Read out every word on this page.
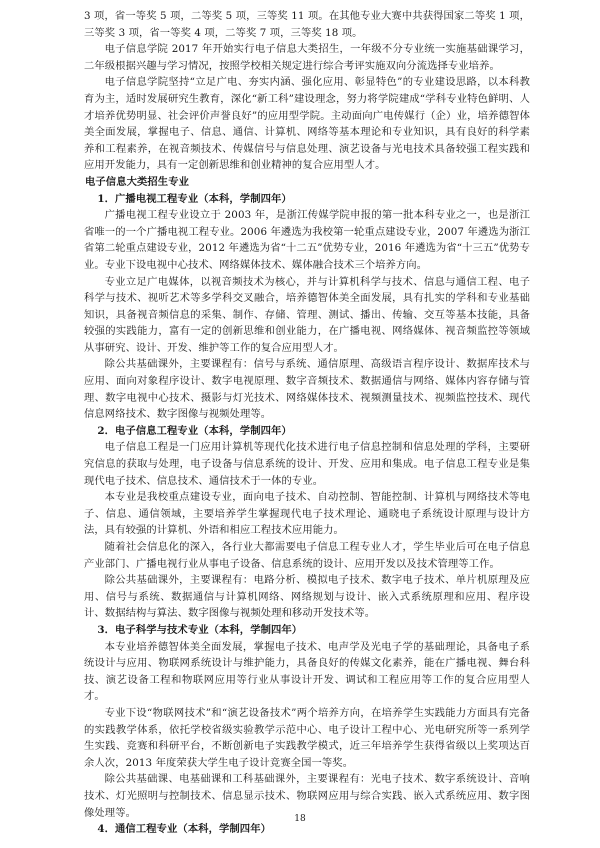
3 项，省一等奖 5 项，二等奖 5 项，三等奖 11 项。在其他专业大赛中共获得国家二等奖 1 项，三等奖 3 项，省一等奖 4 项，二等奖 7 项，三等奖 18 项。

电子信息学院 2017 年开始实行电子信息大类招生，一年级不分专业统一实施基础课学习，二年级根据兴趣与学习情况，按照学校相关规定进行综合考评实施双向分流选择专业培养。

电子信息学院坚持“立足广电、夯实内涵、强化应用、彰显特色”的专业建设思路，以本科教育为主，适时发展研究生教育，深化“新工科”建设理念，努力将学院建成“学科专业特色鲜明、人才培养优势明显、社会评价声誉良好”的应用型学院。主动面向广电传媒行（企）业，培养德智体美全面发展，掌握电子、信息、通信、计算机、网络等基本理论和专业知识，具有良好的科学素养和工程素养，在视音频技术、传媒信号与信息处理、演艺设备与光电技术具备较强工程实践和应用开发能力，具有一定创新思维和创业精神的复合应用型人才。

电子信息大类招生专业

1．广播电视工程专业（本科，学制四年）

广播电视工程专业设立于 2003 年，是浙江传媒学院申报的第一批本科专业之一，也是浙江省唯一的一个广播电视工程专业。2006 年遴选为我校第一轮重点建设专业，2007 年遴选为浙江省第二轮重点建设专业，2012 年遴选为省“十二五”优势专业，2016 年遴选为省“十三五”优势专业。专业下设电视中心技术、网络媒体技术、媒体融合技术三个培养方向。

专业立足广电媒体，以视音频技术为核心，并与计算机科学与技术、信息与通信工程、电子科学与技术、视听艺术等多学科交叉融合，培养德智体美全面发展，具有扎实的学科和专业基础知识，具备视音频信息的采集、制作、存储、管理、测试、播出、传输、交互等基本技能，具备较强的实践能力，富有一定的创新思维和创业能力，在广播电视、网络媒体、视音频监控等领域从事研究、设计、开发、维护等工作的复合应用型人才。

除公共基础课外，主要课程有：信号与系统、通信原理、高级语言程序设计、数据库技术与应用、面向对象程序设计、数字电视原理、数字音频技术、数据通信与网络、媒体内容存储与管理、数字电视中心技术、摄影与灯光技术、网络媒体技术、视频测量技术、视频监控技术、现代信息网络技术、数字图像与视频处理等。

2．电子信息工程专业（本科，学制四年）

电子信息工程是一门应用计算机等现代化技术进行电子信息控制和信息处理的学科，主要研究信息的获取与处理，电子设备与信息系统的设计、开发、应用和集成。电子信息工程专业是集现代电子技术、信息技术、通信技术于一体的专业。

本专业是我校重点建设专业，面向电子技术、自动控制、智能控制、计算机与网络技术等电子、信息、通信领域，主要培养学生掌握现代电子技术理论、通晓电子系统设计原理与设计方法，具有较强的计算机、外语和相应工程技术应用能力。

随着社会信息化的深入，各行业大都需要电子信息工程专业人才，学生毕业后可在电子信息产业部门、广播电视行业从事电子设备、信息系统的设计、应用开发以及技术管理等工作。

除公共基础课外，主要课程有：电路分析、模拟电子技术、数字电子技术、单片机原理及应用、信号与系统、数据通信与计算机网络、网络规划与设计、嵌入式系统原理和应用、程序设计、数据结构与算法、数字图像与视频处理和移动开发技术等。

3．电子科学与技术专业（本科，学制四年）

本专业培养德智体美全面发展，掌握电子技术、电声学及光电子学的基础理论，具备电子系统设计与应用、物联网系统设计与维护能力，具备良好的传媒文化素养，能在广播电视、舞台科技、演艺设备工程和物联网应用等行业从事设计开发、调试和工程应用等工作的复合应用型人才。

专业下设“物联网技术”和“演艺设备技术”两个培养方向，在培养学生实践能力方面具有完备的实践教学体系，依托学校省级实验教学示范中心、电子设计工程中心、光电研究所等一系列学生实践、竞赛和科研平台，不断创新电子实践教学模式，近三年培养学生获得省级以上奖项达百余人次，2013 年度荣获大学生电子设计竞赛全国一等奖。

除公共基础课、电基础课和工科基础课外，主要课程有：光电子技术、数字系统设计、音响技术、灯光照明与控制技术、信息显示技术、物联网应用与综合实践、嵌入式系统应用、数字图像处理等。

4．通信工程专业（本科，学制四年）

18
